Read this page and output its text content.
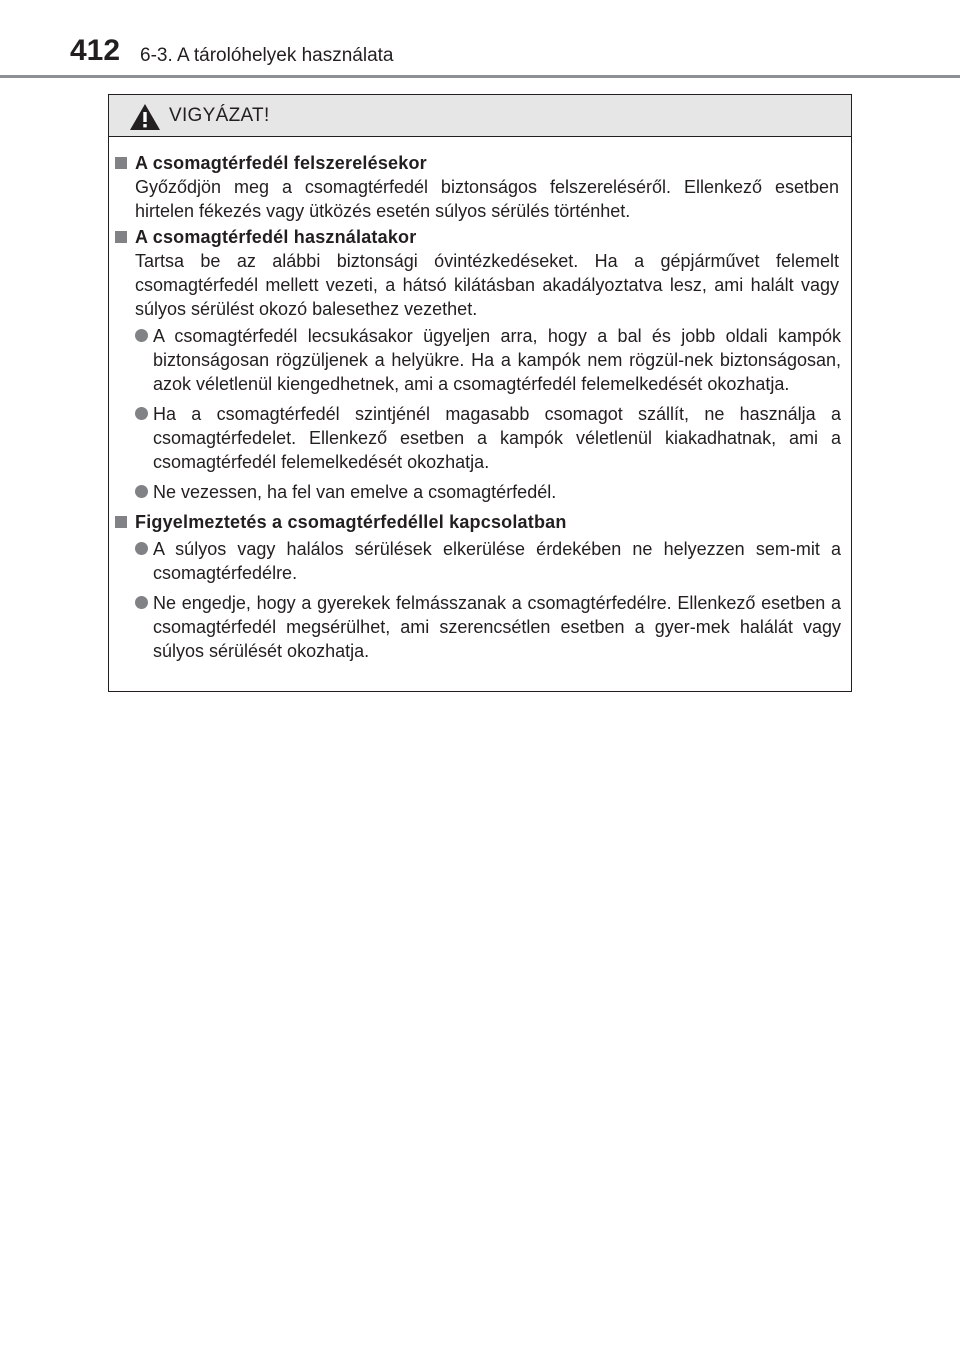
412 6-3. A tárolóhelyek használata
VIGYÁZAT!
A csomagtérfedél felszerelésekor
Győződjön meg a csomagtérfedél biztonságos felszereléséről. Ellenkező esetben hirtelen fékezés vagy ütközés esetén súlyos sérülés történhet.
A csomagtérfedél használatakor
Tartsa be az alábbi biztonsági óvintézkedéseket. Ha a gépjárművet felemelt csomagtérfedél mellett vezeti, a hátsó kilátásban akadályoztatva lesz, ami halált vagy súlyos sérülést okozó balesethez vezethet.
A csomagtérfedél lecsukásakor ügyeljen arra, hogy a bal és jobb oldali kampók biztonságosan rögzüljenek a helyükre. Ha a kampók nem rögzül-nek biztonságosan, azok véletlenül kiengedhetnek, ami a csomagtérfedél felemelkedését okozhatja.
Ha a csomagtérfedél szintjénél magasabb csomagot szállít, ne használja a csomagtérfedelet. Ellenkező esetben a kampók véletlenül kiakadhatnak, ami a csomagtérfedél felemelkedését okozhatja.
Ne vezessen, ha fel van emelve a csomagtérfedél.
Figyelmeztetés a csomagtérfedéllel kapcsolatban
A súlyos vagy halálos sérülések elkerülése érdekében ne helyezzen sem-mit a csomagtérfedélre.
Ne engedje, hogy a gyerekek felmásszanak a csomagtérfedélre. Ellenkező esetben a csomagtérfedél megsérülhet, ami szerencsétlen esetben a gyer-mek halálát vagy súlyos sérülését okozhatja.
